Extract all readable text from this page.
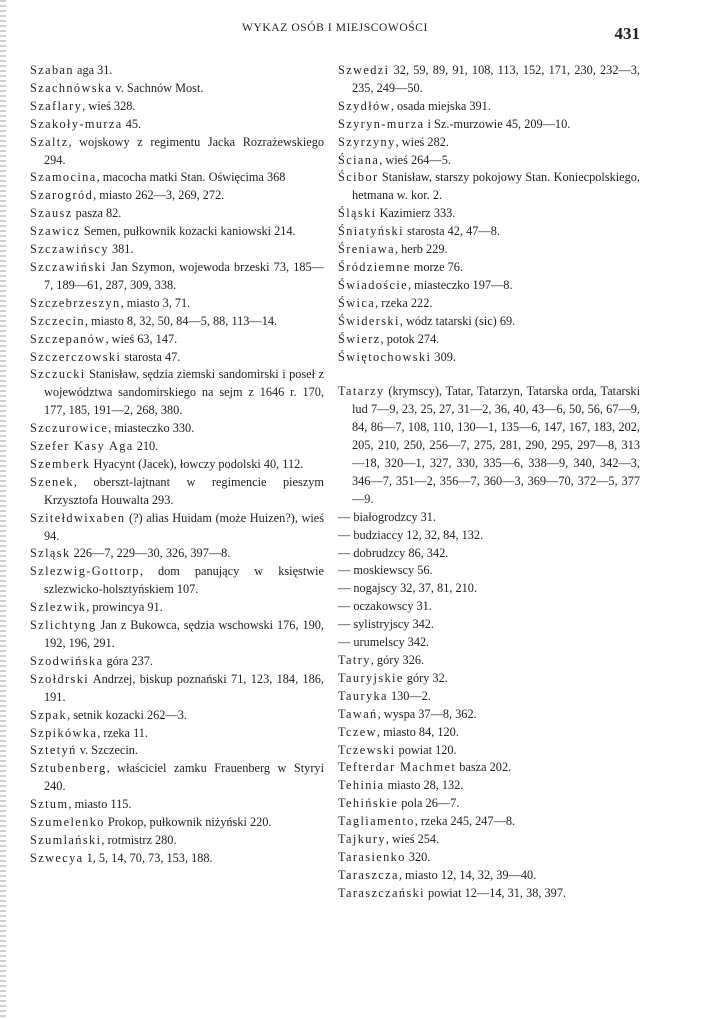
WYKAZ OSÓB I MIEJSCOWOŚCI	431

Szaban aga 31.

Szachnówska v. Sachnów Most.

Szaflary, wieś 328.

Szakoły-murza 45.

Szaltz, wojskowy z regimentu Jacka Rozrażewskiego 294.

Szamocina, macocha matki Stan. Oświęcima 368

Szarogród, miasto 262—3, 269, 272.

Szausz pasza 82.

Szawicz Semen, pułkownik kozacki kaniowski 214.

Szczawińscy 381.

Szczawiński Jan Szymon, wojewoda brzeski 73, 185—7, 189—61, 287, 309, 338.

Szczebrzeszyn, miasto 3, 71.

Szczecin, miasto 8, 32, 50, 84—5, 88, 113—14.

Szczepanów, wieś 63, 147.

Szczerczowski starosta 47.

Szczucki Stanisław, sędzia ziemski sandomirski i poseł z województwa sandomirskiego na sejm z 1646 r. 170, 177, 185, 191—2, 268, 380.

Szczurowice, miasteczko 330.

Szefer Kasy Aga 210.

Szemberk Hyacynt (Jacek), łowczy podolski 40, 112.

Szenek, oberszt-lajtnant w regimencie pieszym Krzysztofa Houwalta 293.

Szitełdwixaben (?) alias Huidam (może Huizen?), wieś 94.

Szląsk 226—7, 229—30, 326, 397—8.

Szlezwig-Gottorp, dom panujący w księstwie szlezwicko-holsztyńskiem 107.

Szlezwik, prowincya 91.

Szlichtyng Jan z Bukowca, sędzia wschowski 176, 190, 192, 196, 291.

Szodwińska góra 237.

Szołdrski Andrzej, biskup poznański 71, 123, 184, 186, 191.

Szpak, setnik kozacki 262—3.

Szpikówka, rzeka 11.

Sztetyń v. Szczecin.

Sztubenberg, właściciel zamku Frauenberg w Styryi 240.

Sztum, miasto 115.

Szumelenko Prokop, pułkownik niżyński 220.

Szumlański, rotmistrz 280.

Szwecya 1, 5, 14, 70, 73, 153, 188.

Szwedzi 32, 59, 89, 91, 108, 113, 152, 171, 230, 232—3, 235, 249—50.

Szydłów, osada miejska 391.

Szyryn-murza i Sz.-murzowie 45, 209—10.

Szyrzyny, wieś 282.

Ściana, wieś 264—5.

Ścibor Stanisław, starszy pokojowy Stan. Koniecpolskiego, hetmana w. kor. 2.

Śląski Kazimierz 333.

Śniatyński starosta 42, 47—8.

Śreniawa, herb 229.

Śródziemne morze 76.

Świadoście, miasteczko 197—8.

Świca, rzeka 222.

Świderski, wódz tatarski (sic) 69.

Świerz, potok 274.

Świętochowski 309.

Tatarzy (krymscy), Tatar, Tatarzyn, Tatarska orda, Tatarski lud 7—9, 23, 25, 27, 31—2, 36, 40, 43—6, 50, 56, 67—9, 84, 86—7, 108, 110, 130—1, 135—6, 147, 167, 183, 202, 205, 210, 250, 256—7, 275, 281, 290, 295, 297—8, 313—18, 320—1, 327, 330, 335—6, 338—9, 340, 342—3, 346—7, 351—2, 356—7, 360—3, 369—70, 372—5, 377—9.

— białogrodzcy 31.

— budziaccy 12, 32, 84, 132.

— dobrudzcy 86, 342.

— moskiewscy 56.

— nogajscy 32, 37, 81, 210.

— oczakowscy 31.

— sylistryjscy 342.

— urumelscy 342.

Tatry, góry 326.

Tauryjskie góry 32.

Tauryka 130—2.

Tawań, wyspa 37—8, 362.

Tczew, miasto 84, 120.

Tczewski powiat 120.

Tefterdar Machmet basza 202.

Tehinia miasto 28, 132.

Tehińskie pola 26—7.

Tagliamento, rzeka 245, 247—8.

Tajkury, wieś 254.

Tarasienko 320.

Taraszcza, miasto 12, 14, 32, 39—40.

Taraszczański powiat 12—14, 31, 38, 397.
